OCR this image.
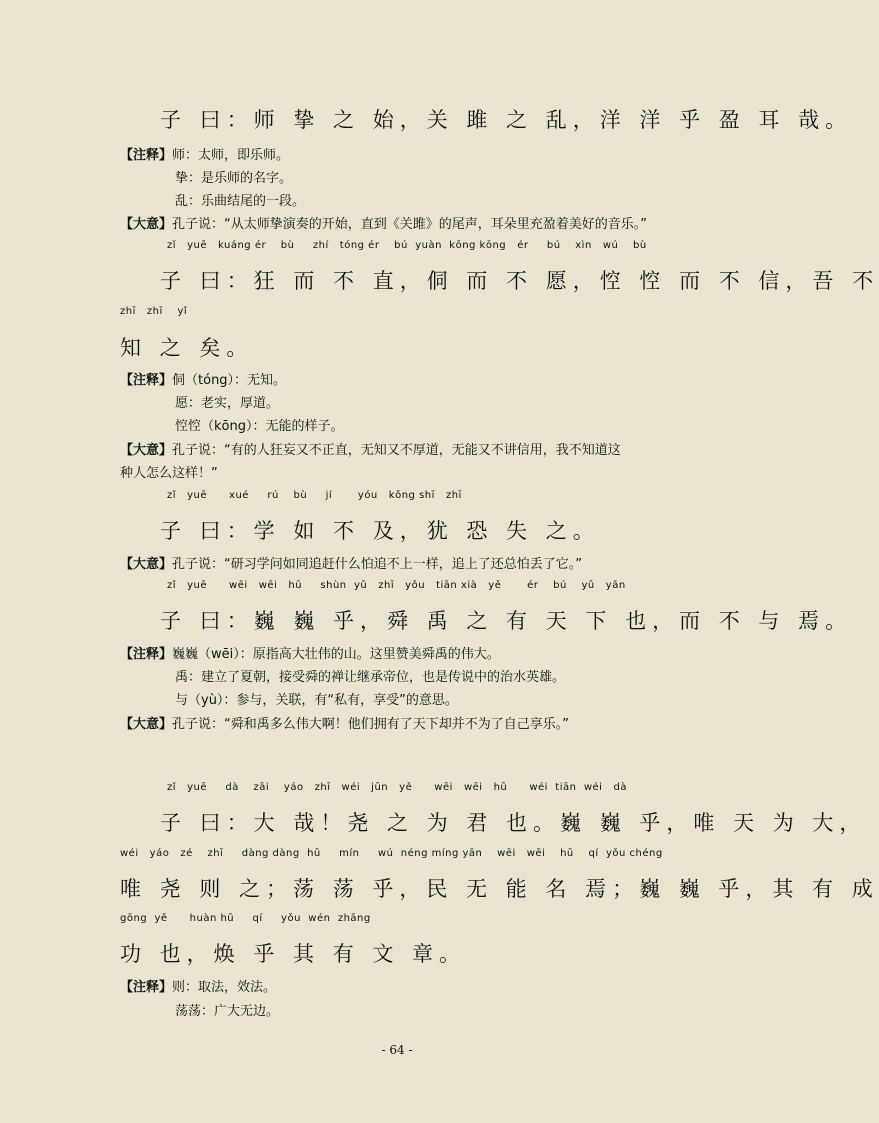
子 曰：师 挚 之 始，关 雎 之 乱，洋 洋 乎 盈 耳 哉。
【注释】师：太师，即乐师。
挚：是乐师的名字。
乱：乐曲结尾的一段。
【大意】孔子说：“从太师挚演奏的开始，直到《关雎》的尾声，耳朵里充盈着美好的音乐。”
zǐ   yuē   kuáng ér    bù     zhí   tóng ér    bú  yuàn  kōng kōng   ér     bú    xìn   wú    bù
子 曰：狂 而 不 直，侗 而 不 愿，悾 悾 而 不 信，吾 不
zhī   zhī    yǐ
知 之 矣。
【注释】侗（tóng）：无知。
愿：老实，厚道。
悾悾（kōng）：无能的样子。
【大意】孔子说：“有的人狂妄又不正直，无知又不厚道，无能又不讲信用，我不知道这
种人怎么这样！”
zǐ   yuē      xué     rú    bù     jí       yóu   kǒng shī   zhī
子 曰：学 如 不 及，犹 恐 失 之。
【大意】孔子说：“研习学问如同追赶什么怕追不上一样，追上了还总怕丢了它。”
zǐ   yuē      wēi   wēi   hū     shùn  yǔ   zhī   yǒu   tiān xià   yě       ér    bú    yǔ   yān
子 曰：巍 巍 乎，舜 禹 之 有 天 下 也，而 不 与 焉。
【注释】巍巍（wēi）：原指高大壮伟的山。这里赞美舜禹的伟大。
禹：建立了夏朝，接受舜的禅让继承帝位，也是传说中的治水英雄。
与（yù）：参与，关联，有“私有，享受”的意思。
【大意】孔子说：“舜和禹多么伟大啊！他们拥有了天下却并不为了自己享乐。”
zǐ   yuē     dà    zāi    yáo   zhī   wéi   jūn   yě      wēi   wēi   hū      wéi  tiān  wéi   dà
子 曰：大 哉！尧 之 为 君 也。巍 巍 乎，唯 天 为 大，
wéi   yáo   zé    zhī     dàng dàng  hū     mín     wú  néng míng yān    wēi   wēi    hū    qí  yǒu chéng
唯 尧 则 之；荡 荡 乎，民 无 能 名 焉；巍 巍 乎，其 有 成
gōng  yě      huàn hū     qí     yǒu  wén  zhāng
功 也，焕 乎 其 有 文 章。
【注释】则：取法，效法。
荡荡：广大无边。
- 64 -
